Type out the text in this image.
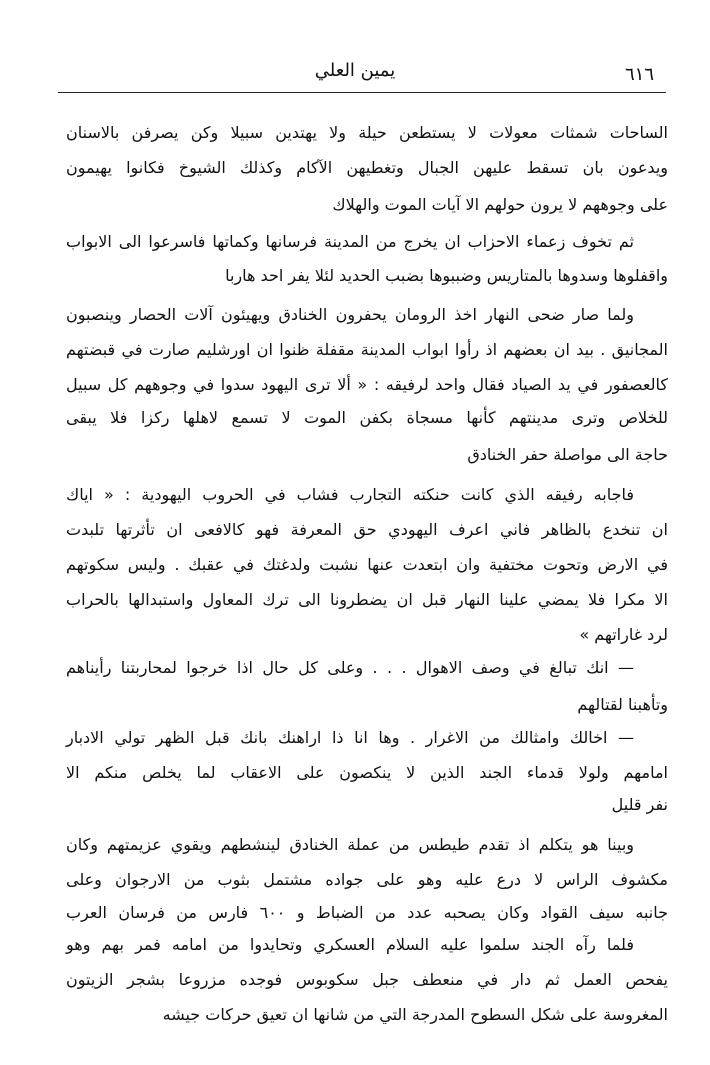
٦١٦
يمين العلي
الساحات شمثات معولات لا يستطعن حيلة ولا يهتدين سبيلا وكن يصرفن بالاسنان
ويدعون بان تسقط عليهن الجبال وتغطيهن الآكام وكذلك الشيوخ فكانوا يهيمون
على وجوههم لا يرون حولهم الا آيات الموت والهلاك
ثم تخوف زعماء الاحزاب ان يخرج من المدينة فرسانها وكماتها فاسرعوا الى الابواب
واقفلوها وسدوها بالمتاريس وضببوها بضبب الحديد لئلا يفر احد هاربا
ولما صار ضحى النهار اخذ الرومان يحفرون الخنادق ويهيئون آلات الحصار وينصبون
المجانيق . بيد ان بعضهم اذ رأوا ابواب المدينة مقفلة ظنوا ان اورشليم صارت في قبضتهم
كالعصفور في يد الصياد فقال واحد لرفيقه : « ألا ترى اليهود سدوا في وجوههم كل سبيل
للخلاص وترى مدينتهم كأنها مسجاة بكفن الموت لا تسمع لاهلها ركزا فلا يبقى
حاجة الى مواصلة حفر الخنادق
فاجابه رفيقه الذي كانت حنكته التجارب فشاب في الحروب اليهودية : « اياك
ان تنخدع بالظاهر فاني اعرف اليهودي حق المعرفة فهو كالافعى ان تأثرتها تلبدت
في الارض وتحوت مختفية وان ابتعدت عنها نشبت ولدغتك في عقبك . وليس سكوتهم
الا مكرا فلا يمضي علينا النهار قبل ان يضطرونا الى ترك المعاول واستبدالها بالحراب
لرد غاراتهم »
— انك تبالغ في وصف الاهوال . . . وعلى كل حال اذا خرجوا لمحاربتنا رأيناهم
وتأهبنا لقتالهم
— اخالك وامثالك من الاغرار . وها انا ذا اراهنك بانك قبل الظهر تولي الادبار
امامهم ولولا قدماء الجند الذين لا ينكصون على الاعقاب لما يخلص منكم الا
نفر قليل
وبينا هو يتكلم اذ تقدم طيطس من عملة الخنادق لينشطهم ويقوي عزيمتهم وكان
مكشوف الراس لا درع عليه وهو على جواده مشتمل بثوب من الارجوان وعلى
جانبه سيف القواد وكان يصحبه عدد من الضباط و ٦٠٠ فارس من فرسان العرب
فلما رآه الجند سلموا عليه السلام العسكري وتحايدوا من امامه فمر بهم وهو
يفحص العمل ثم دار في منعطف جبل سكوبوس فوجده مزروعا بشجر الزيتون
المغروسة على شكل السطوح المدرجة التي من شانها ان تعيق حركات جيشه
